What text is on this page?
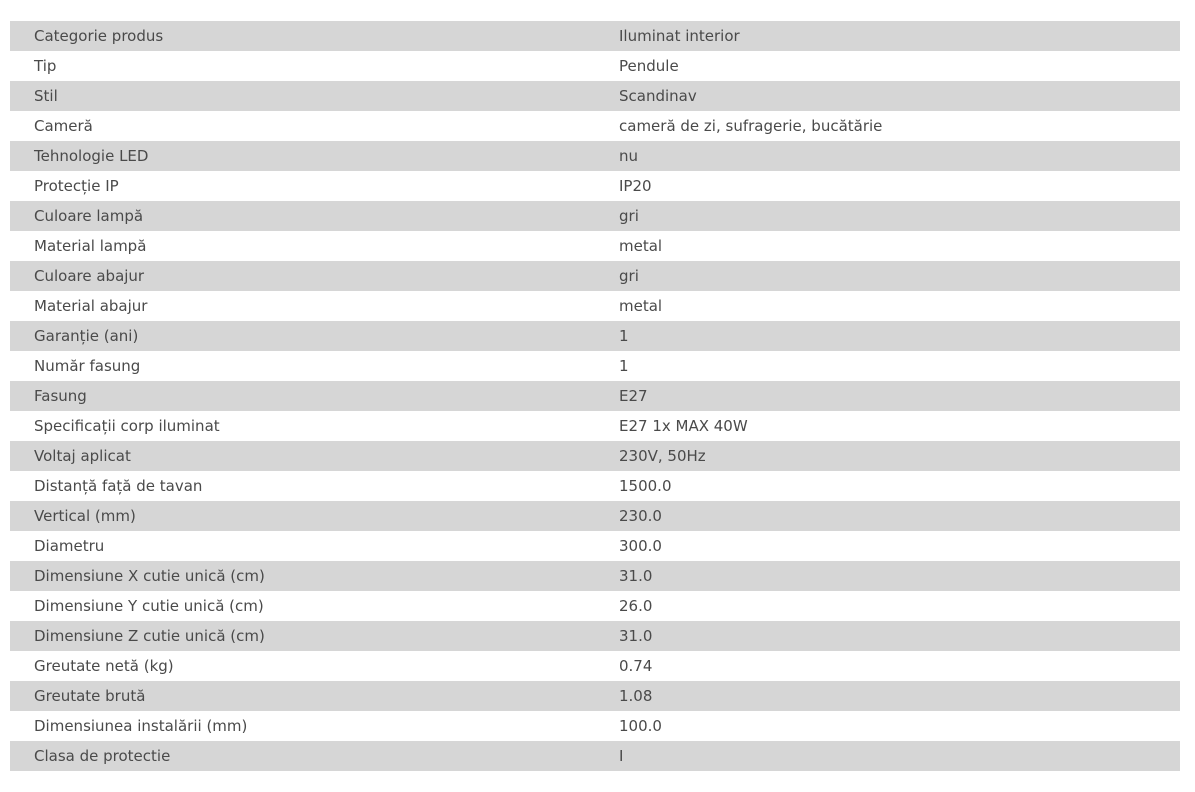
Categorie produs	Iluminat interior
Tip	Pendule
Stil	Scandinav
Cameră	cameră de zi, sufragerie, bucătărie
Tehnologie LED	nu
Protecție IP	IP20
Culoare lampă	gri
Material lampă	metal
Culoare abajur	gri
Material abajur	metal
Garanție (ani)	1
Număr fasung	1
Fasung	E27
Specificații corp iluminat	E27 1x MAX 40W
Voltaj aplicat	230V, 50Hz
Distanță față de tavan	1500.0
Vertical (mm)	230.0
Diametru	300.0
Dimensiune X cutie unică (cm)	31.0
Dimensiune Y cutie unică (cm)	26.0
Dimensiune Z cutie unică (cm)	31.0
Greutate netă (kg)	0.74
Greutate brută	1.08
Dimensiunea instalării (mm)	100.0
Clasa de protectie	I
